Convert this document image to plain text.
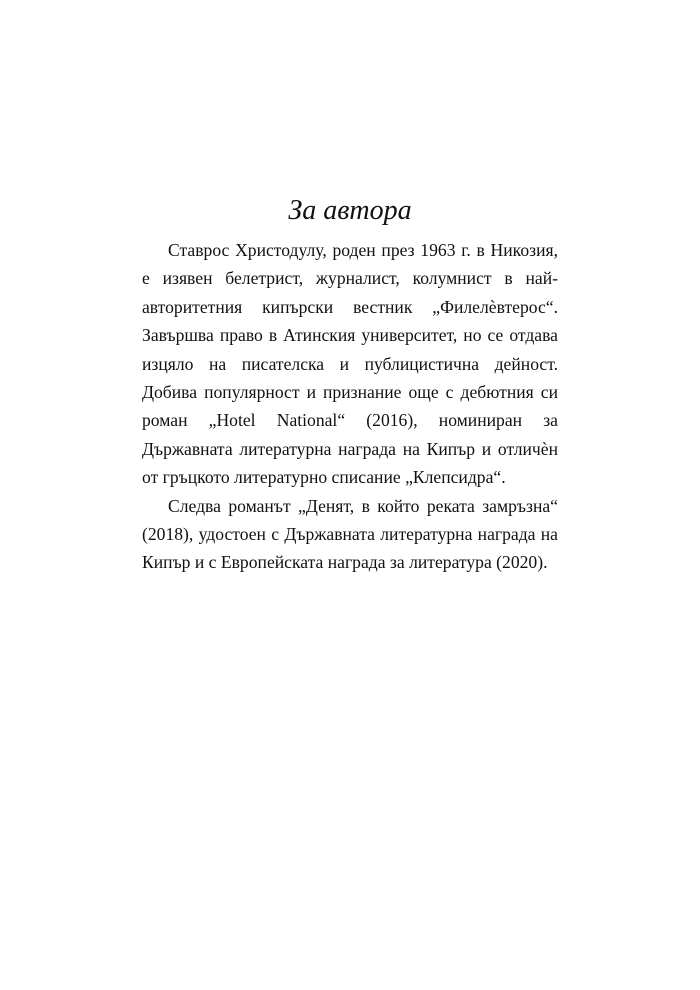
За автора

Ставрос Христодулу, роден през 1963 г. в Никозия, е изявен белетрист, журналист, колумнист в най-авторитетния кипърски вестник „Филелѐвтерос“. Завършва право в Атинския университет, но се отдава изцяло на писателска и публицистична дейност. Добива популярност и признание още с дебютния си роман „Hotel National“ (2016), номиниран за Държавната литературна награда на Кипър и отличѐн от гръцкото литературно списание „Клепсидра“.

Следва романът „Денят, в който реката замръзна“ (2018), удостоен с Държавната литературна награда на Кипър и с Европейската награда за литература (2020).
